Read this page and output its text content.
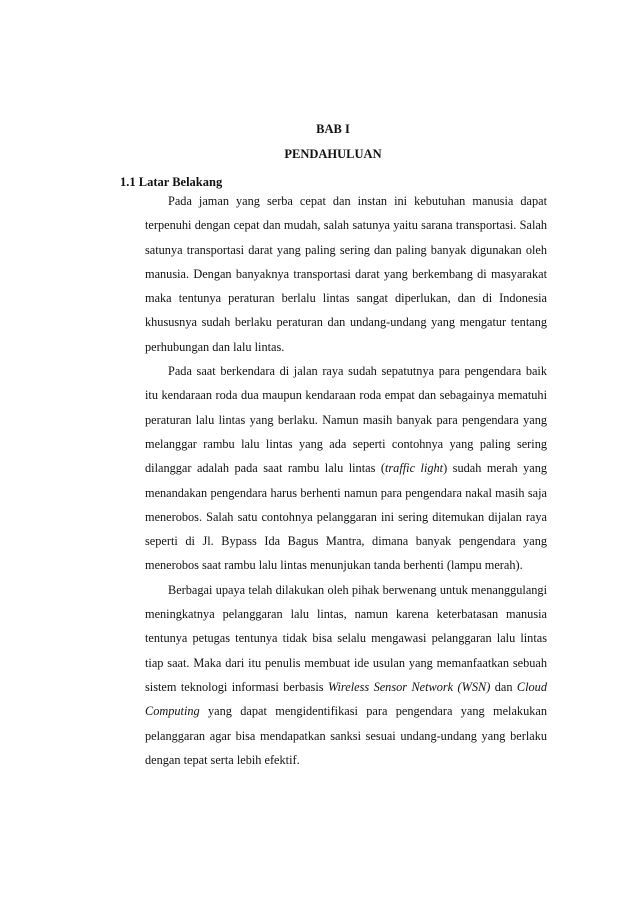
BAB I
PENDAHULUAN
1.1 Latar Belakang

Pada jaman yang serba cepat dan instan ini kebutuhan manusia dapat terpenuhi dengan cepat dan mudah, salah satunya yaitu sarana transportasi. Salah satunya transportasi darat yang paling sering dan paling banyak digunakan oleh manusia. Dengan banyaknya transportasi darat yang berkembang di masyarakat maka tentunya peraturan berlalu lintas sangat diperlukan, dan di Indonesia khususnya sudah berlaku peraturan dan undang-undang yang mengatur tentang perhubungan dan lalu lintas.

Pada saat berkendara di jalan raya sudah sepatutnya para pengendara baik itu kendaraan roda dua maupun kendaraan roda empat dan sebagainya mematuhi peraturan lalu lintas yang berlaku. Namun masih banyak para pengendara yang melanggar rambu lalu lintas yang ada seperti contohnya yang paling sering dilanggar adalah pada saat rambu lalu lintas (traffic light) sudah merah yang menandakan pengendara harus berhenti namun para pengendara nakal masih saja menerobos. Salah satu contohnya pelanggaran ini sering ditemukan dijalan raya seperti di Jl. Bypass Ida Bagus Mantra, dimana banyak pengendara yang menerobos saat rambu lalu lintas menunjukan tanda berhenti (lampu merah).

Berbagai upaya telah dilakukan oleh pihak berwenang untuk menanggulangi meningkatnya pelanggaran lalu lintas, namun karena keterbatasan manusia tentunya petugas tentunya tidak bisa selalu mengawasi pelanggaran lalu lintas tiap saat. Maka dari itu penulis membuat ide usulan yang memanfaatkan sebuah sistem teknologi informasi berbasis Wireless Sensor Network (WSN) dan Cloud Computing yang dapat mengidentifikasi para pengendara yang melakukan pelanggaran agar bisa mendapatkan sanksi sesuai undang-undang yang berlaku dengan tepat serta lebih efektif.
